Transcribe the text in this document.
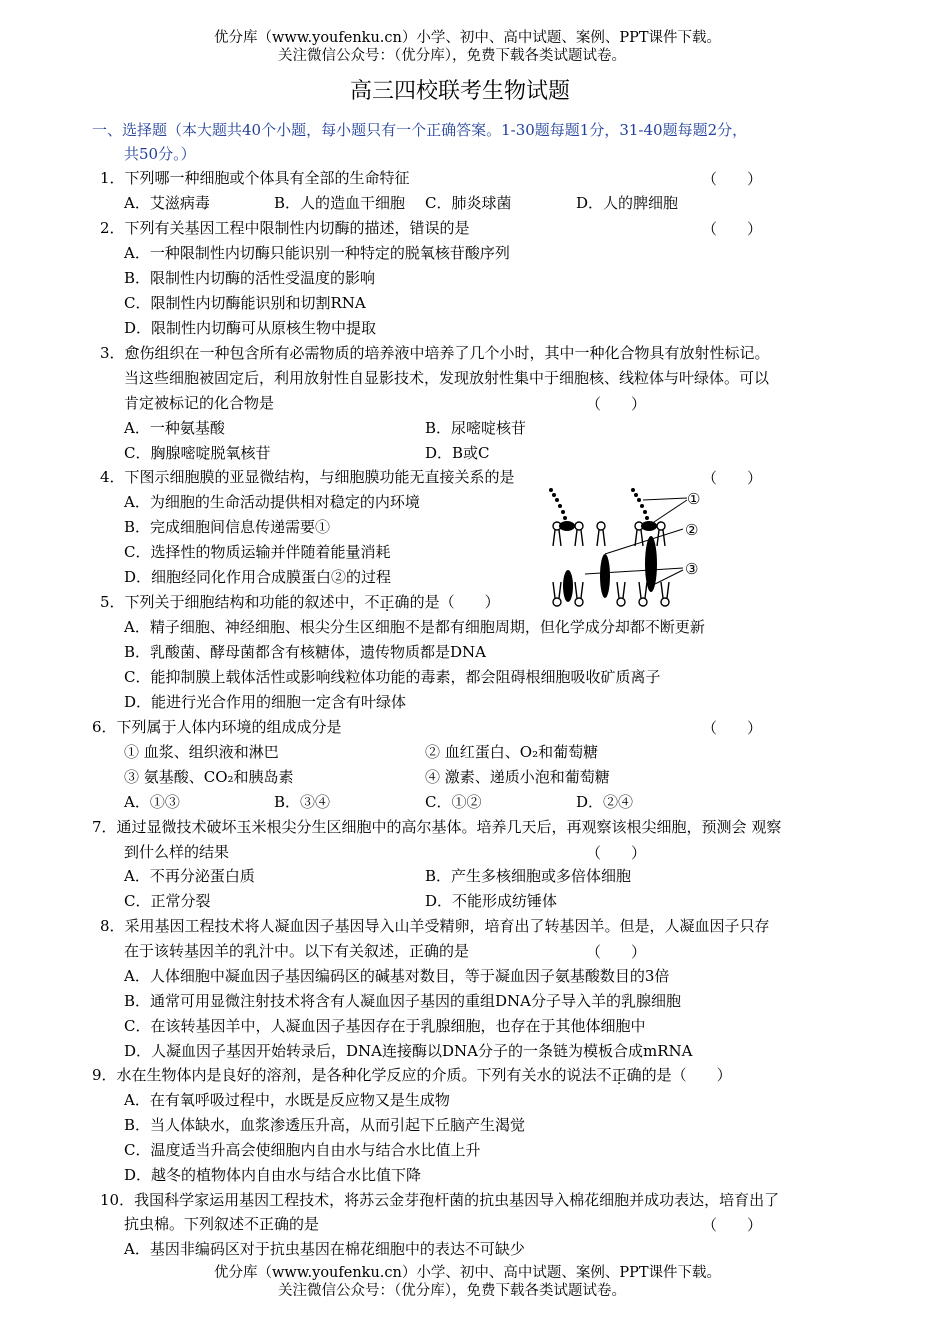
优分库（www.youfenku.cn）小学、初中、高中试题、案例、PPT课件下载。
关注微信公众号：（优分库），免费下载各类试题试卷。
高三四校联考生物试题
一、选择题（本大题共40个小题，每小题只有一个正确答案。1-30题每题1分，31-40题每题2分，
共50分。）
1．下列哪一种细胞或个体具有全部的生命特征	（　　）
A．艾滋病毒	B．人的造血干细胞 C．肺炎球菌	D．人的脾细胞
2．下列有关基因工程中限制性内切酶的描述，错误的是	（　　）
A．一种限制性内切酶只能识别一种特定的脱氧核苷酸序列
B．限制性内切酶的活性受温度的影响
C．限制性内切酶能识别和切割RNA
D．限制性内切酶可从原核生物中提取
3．愈伤组织在一种包含所有必需物质的培养液中培养了几个小时，其中一种化合物具有放射性标记。
当这些细胞被固定后，利用放射性自显影技术，发现放射性集中于细胞核、线粒体与叶绿体。可以
肯定被标记的化合物是	（　　）
A．一种氨基酸	B．尿嘧啶核苷
C．胸腺嘧啶脱氧核苷	D．B或C
4．下图示细胞膜的亚显微结构，与细胞膜功能无直接关系的是	（　　）
A．为细胞的生命活动提供相对稳定的内环境
B．完成细胞间信息传递需要①
C．选择性的物质运输并伴随着能量消耗
D．细胞经同化作用合成膜蛋白②的过程
①
②
③
5．下列关于细胞结构和功能的叙述中，不正确的是（　　）
A．精子细胞、神经细胞、根尖分生区细胞不是都有细胞周期，但化学成分却都不断更新
B．乳酸菌、酵母菌都含有核糖体，遗传物质都是DNA
C．能抑制膜上载体活性或影响线粒体功能的毒素，都会阻碍根细胞吸收矿质离子
D．能进行光合作用的细胞一定含有叶绿体
6．下列属于人体内环境的组成成分是	（　　）
① 血浆、组织液和淋巴	② 血红蛋白、O₂和葡萄糖
③ 氨基酸、CO₂和胰岛素	④ 激素、递质小泡和葡萄糖
A．①③	B．③④	C．①②	D．②④
7．通过显微技术破坏玉米根尖分生区细胞中的高尔基体。培养几天后，再观察该根尖细胞，预测会 观察
到什么样的结果	（　　）
A．不再分泌蛋白质	B．产生多核细胞或多倍体细胞
C．正常分裂	D．不能形成纺锤体
8．采用基因工程技术将人凝血因子基因导入山羊受精卵，培育出了转基因羊。但是，人凝血因子只存
在于该转基因羊的乳汁中。以下有关叙述，正确的是	（　　）
A．人体细胞中凝血因子基因编码区的碱基对数目，等于凝血因子氨基酸数目的3倍
B．通常可用显微注射技术将含有人凝血因子基因的重组DNA分子导入羊的乳腺细胞
C．在该转基因羊中，人凝血因子基因存在于乳腺细胞，也存在于其他体细胞中
D．人凝血因子基因开始转录后，DNA连接酶以DNA分子的一条链为模板合成mRNA
9．水在生物体内是良好的溶剂，是各种化学反应的介质。下列有关水的说法不正确的是（　　）
A．在有氧呼吸过程中，水既是反应物又是生成物
B．当人体缺水，血浆渗透压升高，从而引起下丘脑产生渴觉
C．温度适当升高会使细胞内自由水与结合水比值上升
D．越冬的植物体内自由水与结合水比值下降
10．我国科学家运用基因工程技术，将苏云金芽孢杆菌的抗虫基因导入棉花细胞并成功表达，培育出了
抗虫棉。下列叙述不正确的是	（　　）
A．基因非编码区对于抗虫基因在棉花细胞中的表达不可缺少
优分库（www.youfenku.cn）小学、初中、高中试题、案例、PPT课件下载。
关注微信公众号：（优分库），免费下载各类试题试卷。
